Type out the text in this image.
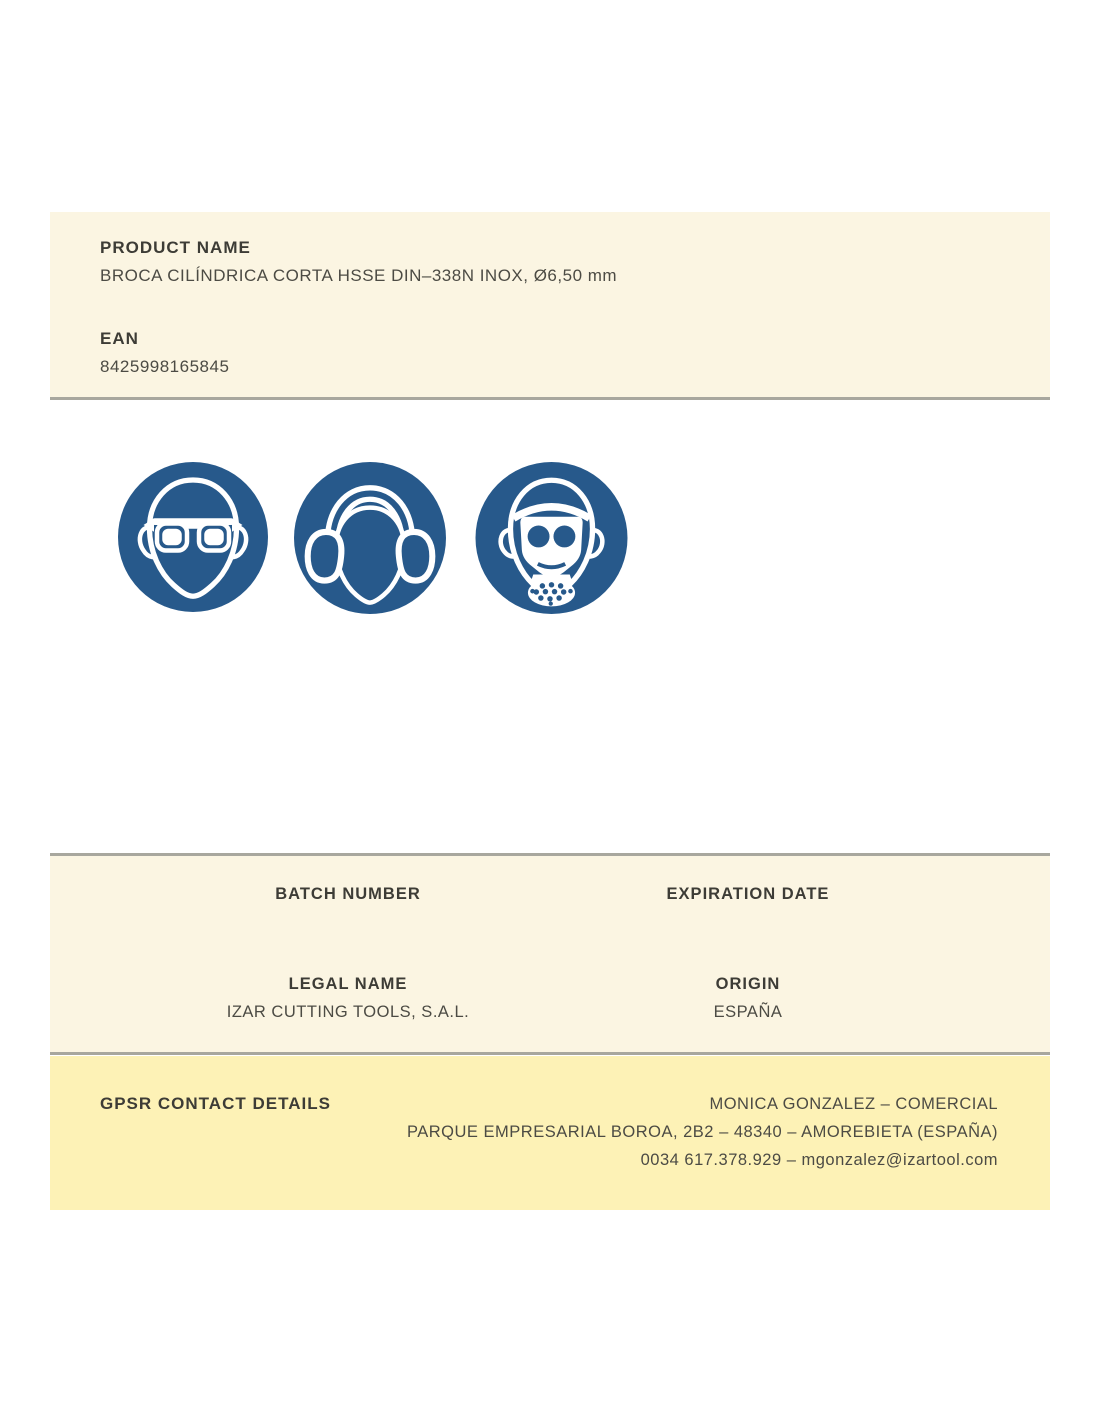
PRODUCT NAME
BROCA CILÍNDRICA CORTA HSSE DIN–338N INOX, Ø6,50 mm
EAN
8425998165845
BATCH NUMBER	EXPIRATION DATE
LEGAL NAME
IZAR CUTTING TOOLS, S.A.L.
ORIGIN
ESPAÑA
GPSR CONTACT DETAILS	MONICA GONZALEZ – COMERCIAL
PARQUE EMPRESARIAL BOROA, 2B2 – 48340 – AMOREBIETA (ESPAÑA)
0034 617.378.929 – mgonzalez@izartool.com
